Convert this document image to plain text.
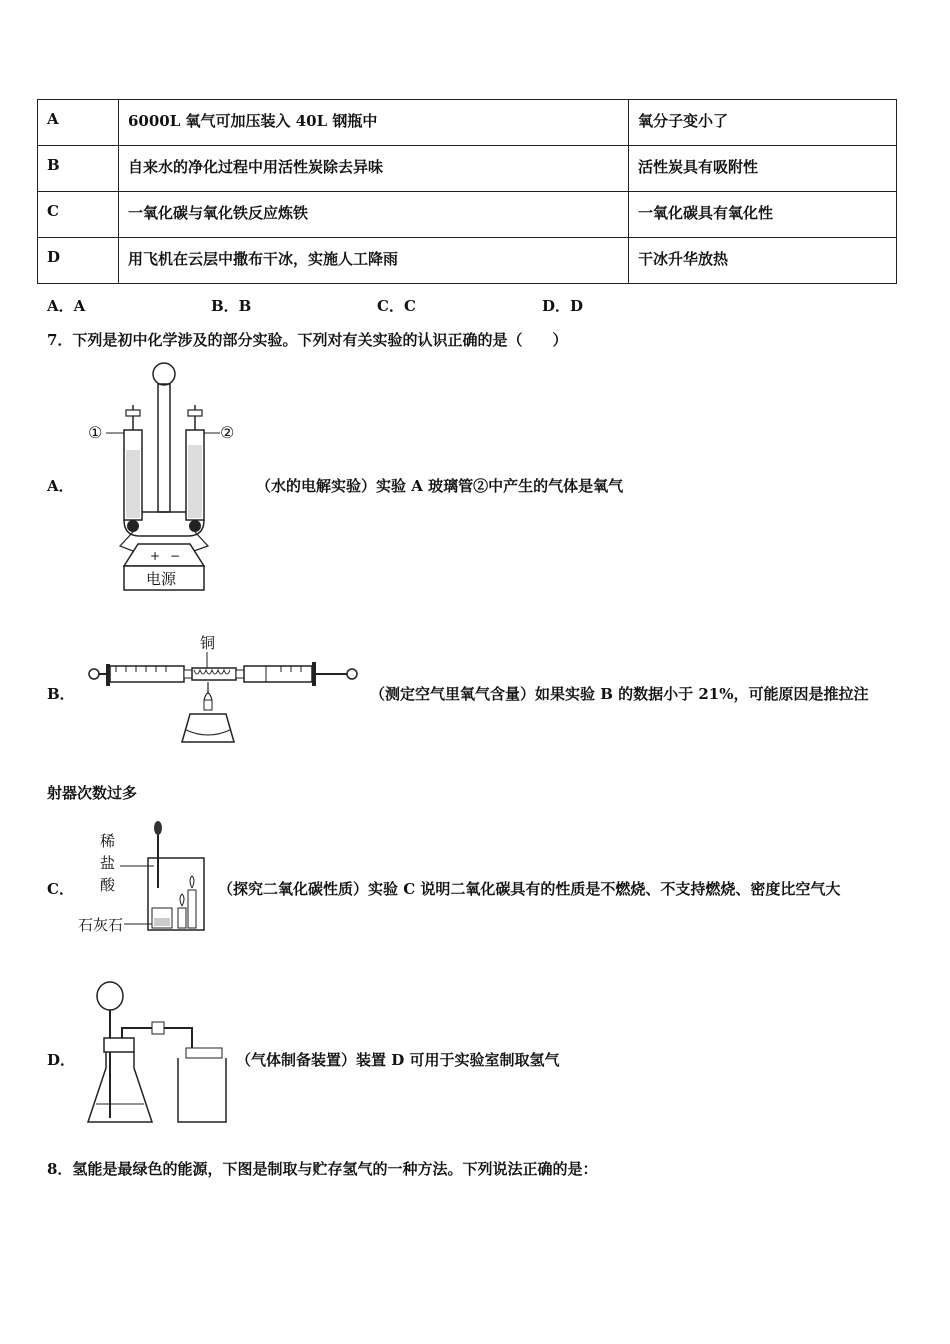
A	6000L 氧气可加压装入 40L 钢瓶中	氧分子变小了
B	自来水的净化过程中用活性炭除去异味	活性炭具有吸附性
C	一氧化碳与氧化铁反应炼铁	一氧化碳具有氧化性
D	用飞机在云层中撒布干冰，实施人工降雨	干冰升华放热
A．A	B．B	C．C	D．D
7．下列是初中化学涉及的部分实验。下列对有关实验的认识正确的是（　　）
A．
①	②
+ −
电源
（水的电解实验）实验 A 玻璃管②中产生的气体是氧气
B．
铜
（测定空气里氧气含量）如果实验 B 的数据小于 21%，可能原因是推拉注
射器次数过多
C．
稀
盐
酸
石灰石
（探究二氧化碳性质）实验 C 说明二氧化碳具有的性质是不燃烧、不支持燃烧、密度比空气大
D．	（气体制备装置）装置 D 可用于实验室制取氢气
8．氢能是最绿色的能源，下图是制取与贮存氢气的一种方法。下列说法正确的是：
